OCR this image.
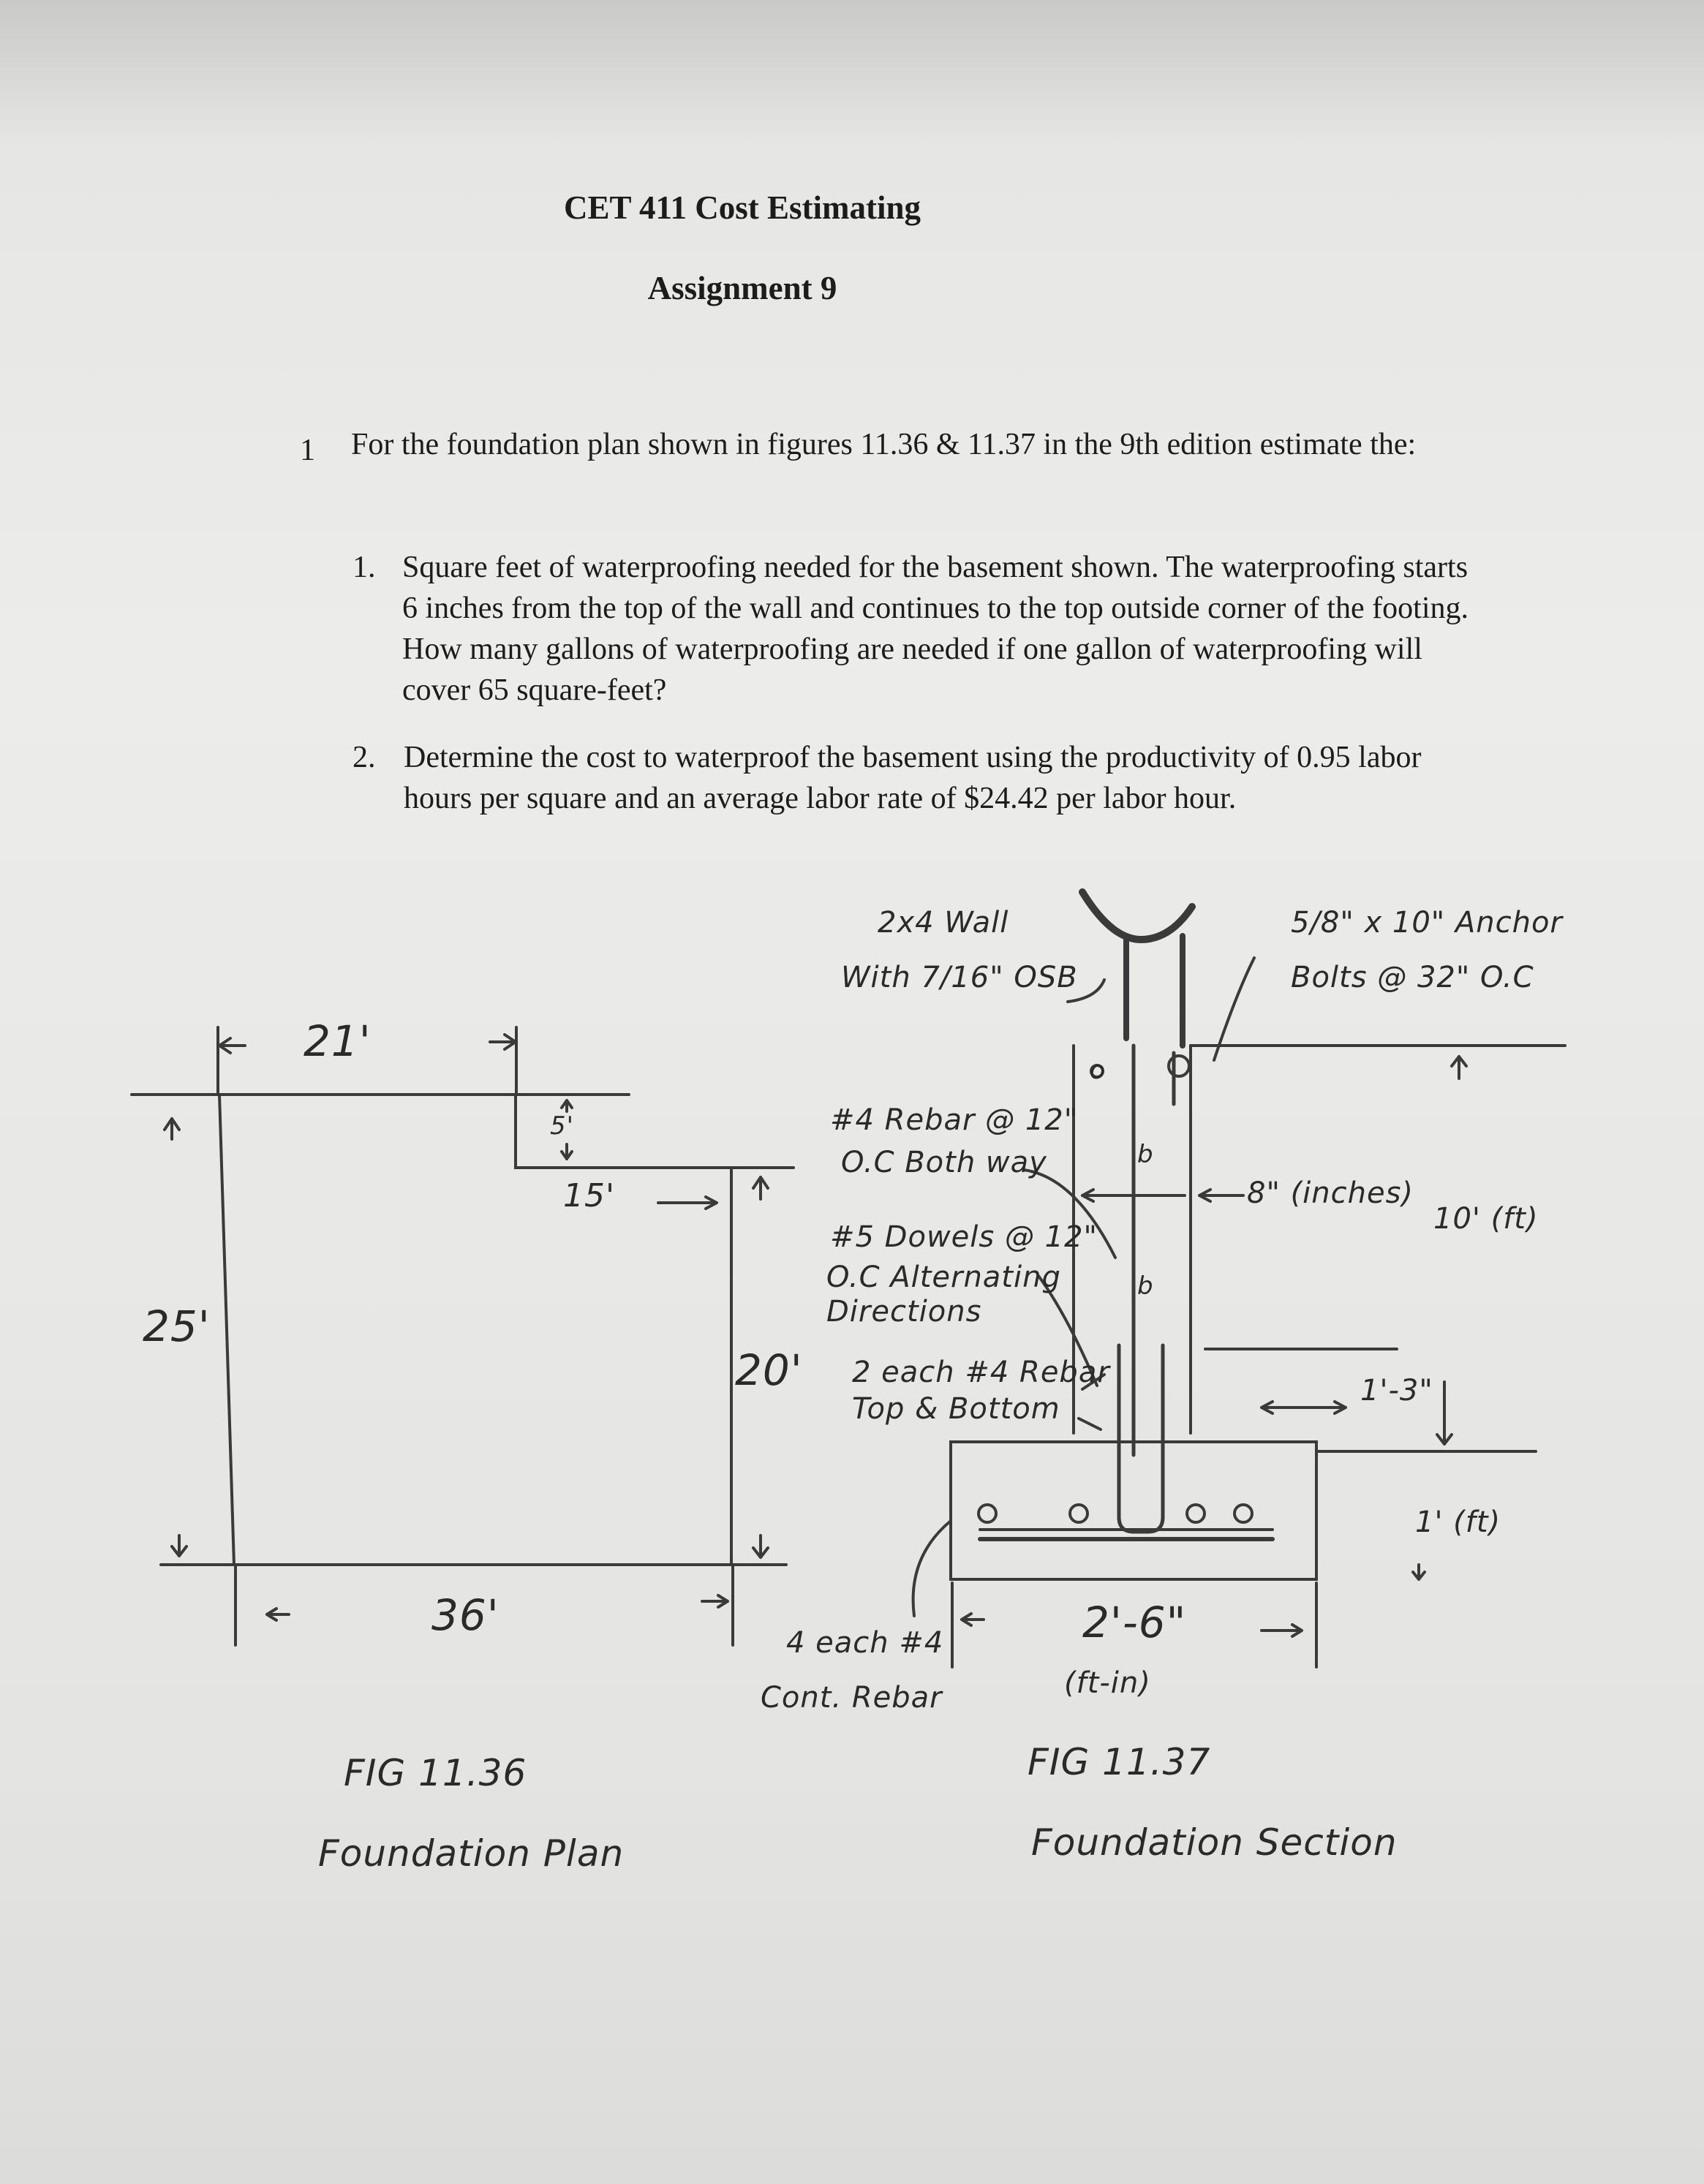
CET 411 Cost Estimating
Assignment 9
1 For the foundation plan shown in figures 11.36 & 11.37 in the 9th edition estimate the:
1. Square feet of waterproofing needed for the basement shown. The waterproofing starts 6 inches from the top of the wall and continues to the top outside corner of the footing. How many gallons of waterproofing are needed if one gallon of waterproofing will cover 65 square-feet?
2. Determine the cost to waterproof the basement using the productivity of 0.95 labor hours per square and an average labor rate of $24.42 per labor hour.
o
b
b
21'
5'
15'
25'
20'
36'
FIG 11.36
Foundation Plan
2x4 Wall
With 7/16" OSB
5/8" x 10" Anchor
Bolts @ 32" O.C
#4 Rebar @ 12"
O.C Both way
#5 Dowels @ 12"
O.C Alternating
Directions
2 each #4 Rebar
Top & Bottom
4 each #4
Cont. Rebar
8" (inches)
10' (ft)
1'-3"
1' (ft)
2'-6"
(ft-in)
FIG 11.37
Foundation Section
